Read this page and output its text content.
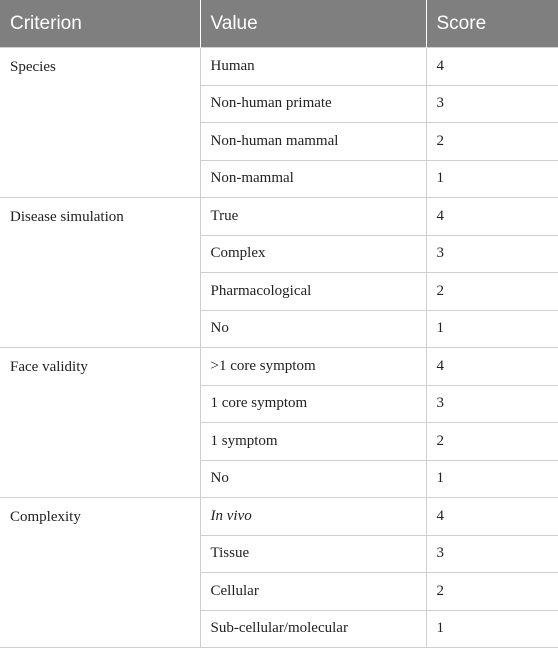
Criterion	Value	Score
Species	Human	4
	Non-human primate	3
	Non-human mammal	2
	Non-mammal	1
Disease simulation	True	4
	Complex	3
	Pharmacological	2
	No	1
Face validity	>1 core symptom	4
	1 core symptom	3
	1 symptom	2
	No	1
Complexity	In vivo	4
	Tissue	3
	Cellular	2
	Sub-cellular/molecular	1
